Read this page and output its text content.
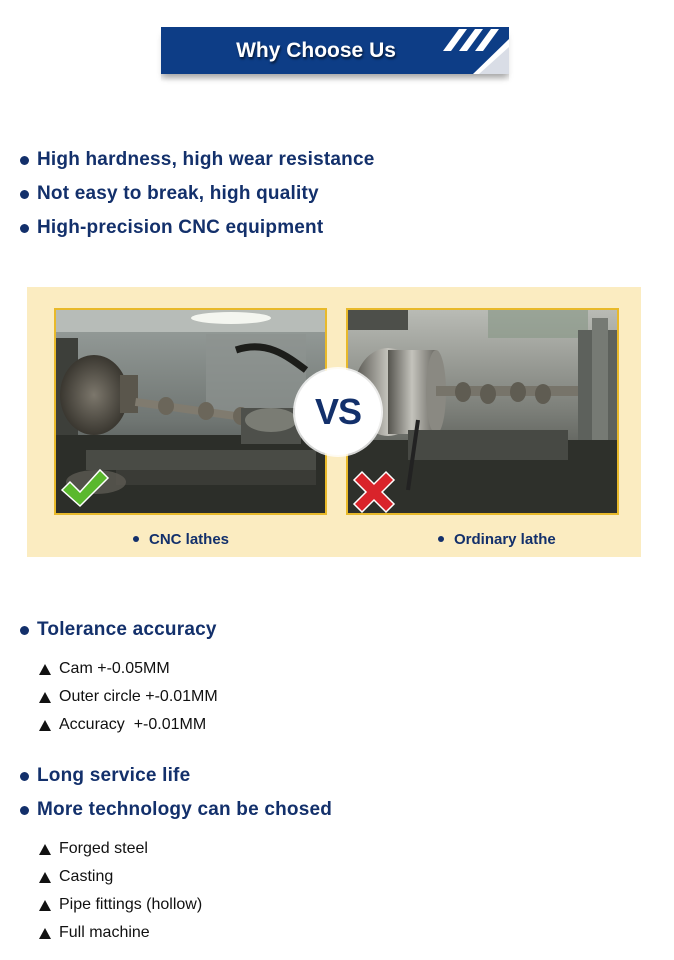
Why Choose Us
High hardness, high wear resistance
Not easy to break, high quality
High-precision CNC equipment
VS
CNC lathes	Ordinary lathe
Tolerance accuracy
Cam +-0.05MM
Outer circle +-0.01MM
Accuracy  +-0.01MM
Long service life
More technology can be chosed
Forged steel
Casting
Pipe fittings (hollow)
Full machine
